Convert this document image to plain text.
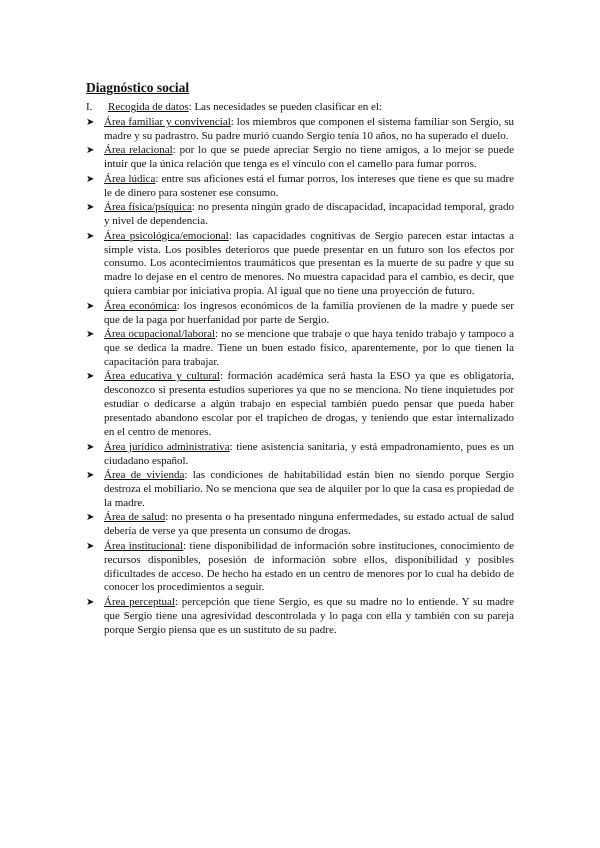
Diagnóstico social
I.	Recogida de datos: Las necesidades se pueden clasificar en el:
➤ Área familiar y convivencial: los miembros que componen el sistema familiar son Sergio, su madre y su padrastro. Su padre murió cuando Sergio tenía 10 años, no ha superado el duelo.
➤ Área relacional: por lo que se puede apreciar Sergio no tiene amigos, a lo mejor se puede intuir que la única relación que tenga es el vínculo con el camello para fumar porros.
➤ Área lúdica: entre sus aficiones está el fumar porros, los intereses que tiene es que su madre le de dinero para sostener ese consumo.
➤ Área física/psíquica: no presenta ningún grado de discapacidad, incapacidad temporal, grado y nivel de dependencia.
➤ Área psicológica/emocional: las capacidades cognitivas de Sergio parecen estar intactas a simple vista. Los posibles deterioros que puede presentar en un futuro son los efectos por consumo. Los acontecimientos traumáticos que presentan es la muerte de su padre y que su madre lo dejase en el centro de menores. No muestra capacidad para el cambio, es decir, que quiera cambiar por iniciativa propia. Al igual que no tiene una proyección de futuro.
➤ Área económica: los ingresos económicos de la familia provienen de la madre y puede ser que de la paga por huerfanidad por parte de Sergio.
➤ Área ocupacional/laboral: no se mencione que trabaje o que haya tenido trabajo y tampoco a que se dedica la madre. Tiene un buen estado físico, aparentemente, por lo que tienen la capacitación para trabajar.
➤ Área educativa y cultural: formación académica será hasta la ESO ya que es obligatoria, desconozco si presenta estudios superiores ya que no se menciona. No tiene inquietudes por estudiar o dedicarse a algún trabajo en especial también puedo pensar que pueda haber presentado abandono escolar por el trapicheo de drogas, y teniendo que estar internalizado en el centro de menores.
➤ Área jurídico administrativa: tiene asistencia sanitaria, y está empadronamiento, pues es un ciudadano español.
➤ Área de vivienda: las condiciones de habitabilidad están bien no siendo porque Sergio destroza el mobiliario. No se menciona que sea de alquiler por lo que la casa es propiedad de la madre.
➤ Área de salud: no presenta o ha presentado ninguna enfermedades, su estado actual de salud debería de verse ya que presenta un consumo de drogas.
➤ Área institucional: tiene disponibilidad de información sobre instituciones, conocimiento de recursos disponibles, posesión de información sobre ellos, disponibilidad y posibles dificultades de acceso. De hecho ha estado en un centro de menores por lo cual ha debido de conocer los procedimientos a seguir.
➤ Área perceptual: percepción que tiene Sergio, es que su madre no lo entiende. Y su madre que Sergio tiene una agresividad descontrolada y lo paga con ella y también con su pareja porque Sergio piensa que es un sustituto de su padre.
